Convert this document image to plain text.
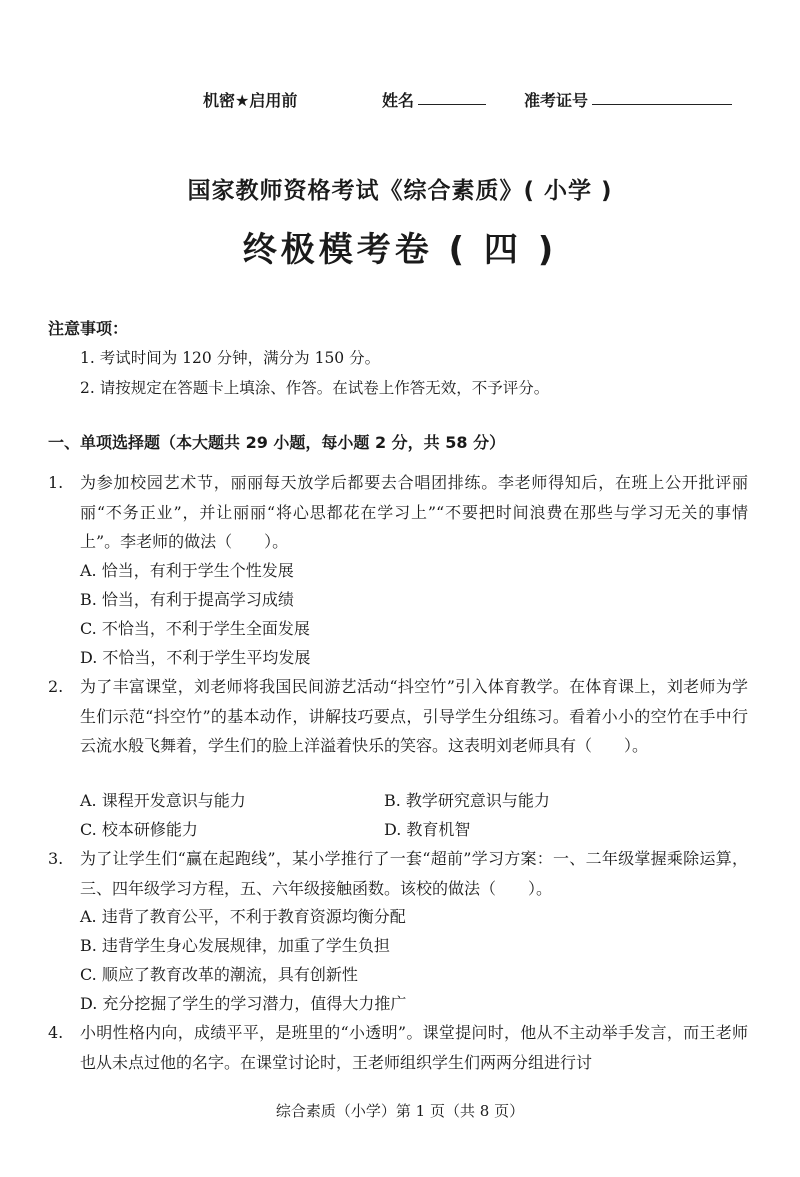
机密★启用前	姓名	准考证号
国家教师资格考试《综合素质》( 小学 )
终极模考卷 ( 四 )
注意事项：
1. 考试时间为 120 分钟，满分为 150 分。
2. 请按规定在答题卡上填涂、作答。在试卷上作答无效，不予评分。
一、单项选择题（本大题共 29 小题，每小题 2 分，共 58 分）
1. 为参加校园艺术节，丽丽每天放学后都要去合唱团排练。李老师得知后，在班上公开批评丽丽“不务正业”，并让丽丽“将心思都花在学习上”“不要把时间浪费在那些与学习无关的事情上”。李老师的做法（　　）。
A. 恰当，有利于学生个性发展
B. 恰当，有利于提高学习成绩
C. 不恰当，不利于学生全面发展
D. 不恰当，不利于学生平均发展
2. 为了丰富课堂，刘老师将我国民间游艺活动“抖空竹”引入体育教学。在体育课上，刘老师为学生们示范“抖空竹”的基本动作，讲解技巧要点，引导学生分组练习。看着小小的空竹在手中行云流水般飞舞着，学生们的脸上洋溢着快乐的笑容。这表明刘老师具有（　　）。
A. 课程开发意识与能力	B. 教学研究意识与能力
C. 校本研修能力	D. 教育机智
3. 为了让学生们“赢在起跑线”，某小学推行了一套“超前”学习方案：一、二年级掌握乘除运算，三、四年级学习方程，五、六年级接触函数。该校的做法（　　）。
A. 违背了教育公平，不利于教育资源均衡分配
B. 违背学生身心发展规律，加重了学生负担
C. 顺应了教育改革的潮流，具有创新性
D. 充分挖掘了学生的学习潜力，值得大力推广
4. 小明性格内向，成绩平平，是班里的“小透明”。课堂提问时，他从不主动举手发言，而王老师也从未点过他的名字。在课堂讨论时，王老师组织学生们两两分组进行讨
综合素质（小学）第 1 页（共 8 页）
